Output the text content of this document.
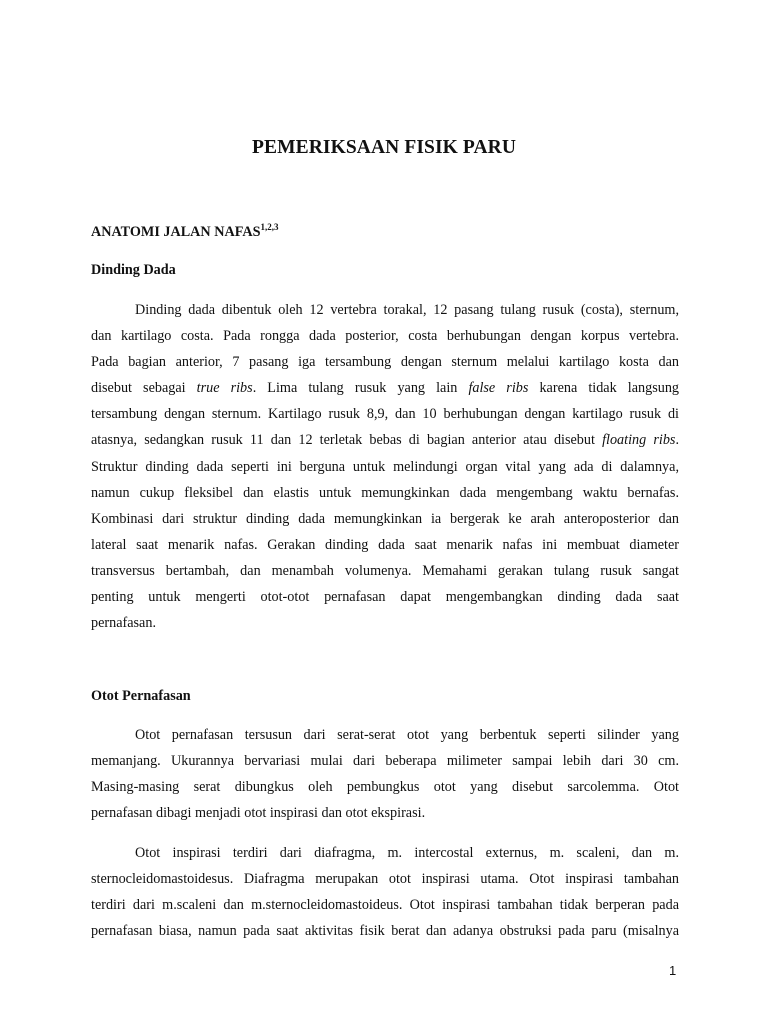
PEMERIKSAAN FISIK PARU
ANATOMI JALAN NAFAS$^{1,2,3}$
Dinding Dada

Dinding dada dibentuk oleh 12 vertebra torakal, 12 pasang tulang rusuk (costa), sternum,
dan kartilago costa. Pada rongga dada posterior, costa berhubungan dengan korpus vertebra.
Pada bagian anterior, 7 pasang iga tersambung dengan sternum melalui kartilago kosta dan
disebut sebagai true ribs. Lima tulang rusuk yang lain false ribs karena tidak langsung
tersambung dengan sternum. Kartilago rusuk 8,9, dan 10 berhubungan dengan kartilago rusuk di
atasnya, sedangkan rusuk 11 dan 12 terletak bebas di bagian anterior atau disebut floating ribs.
Struktur dinding dada seperti ini berguna untuk melindungi organ vital yang ada di dalamnya,
namun cukup fleksibel dan elastis untuk memungkinkan dada mengembang waktu bernafas.
Kombinasi dari struktur dinding dada memungkinkan ia bergerak ke arah anteroposterior dan
lateral saat menarik nafas. Gerakan dinding dada saat menarik nafas ini membuat diameter
transversus bertambah, dan menambah volumenya. Memahami gerakan tulang rusuk sangat
penting untuk mengerti otot-otot pernafasan dapat mengembangkan dinding dada saat
pernafasan.

Otot Pernafasan

Otot pernafasan tersusun dari serat-serat otot yang berbentuk seperti silinder yang
memanjang. Ukurannya bervariasi mulai dari beberapa milimeter sampai lebih dari 30 cm.
Masing-masing serat dibungkus oleh pembungkus otot yang disebut sarcolemma. Otot
pernafasan dibagi menjadi otot inspirasi dan otot ekspirasi.

Otot inspirasi terdiri dari diafragma, m. intercostal externus, m. scaleni, dan m.
sternocleidomastoidesus. Diafragma merupakan otot inspirasi utama. Otot inspirasi tambahan
terdiri dari m.scaleni dan m.sternocleidomastoideus. Otot inspirasi tambahan tidak berperan pada
pernafasan biasa, namun pada saat aktivitas fisik berat dan adanya obstruksi pada paru (misalnya

1
